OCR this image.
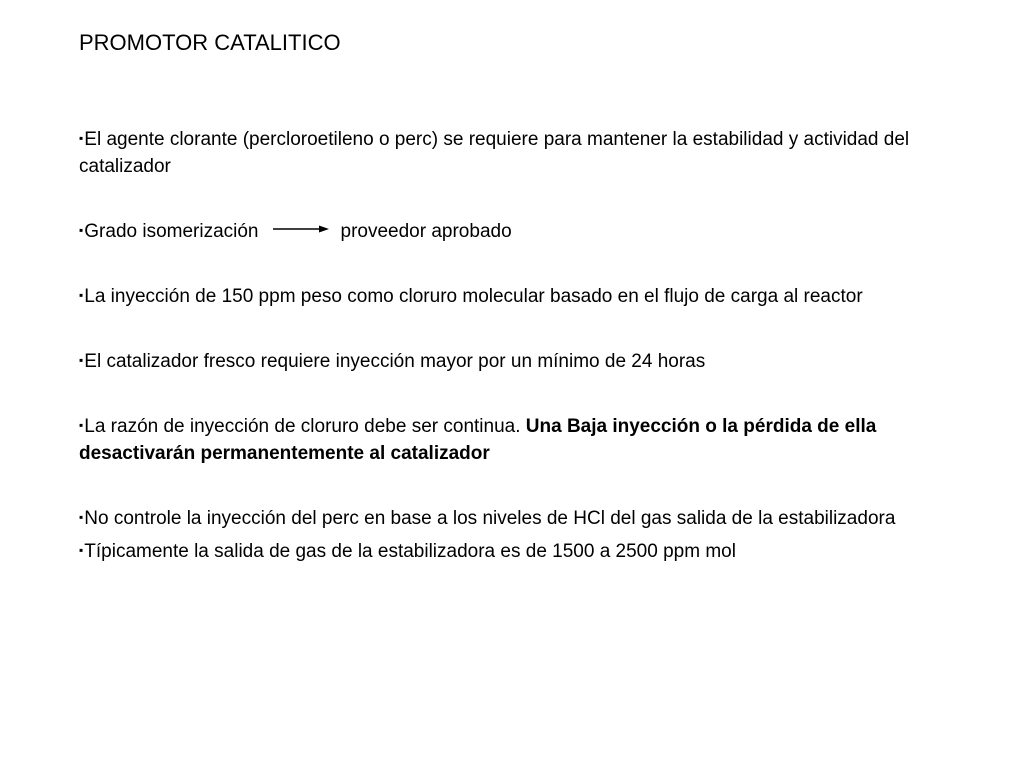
PROMOTOR CATALITICO

▪El agente clorante (percloroetileno o perc) se requiere para mantener la estabilidad y actividad del catalizador

▪Grado isomerización	proveedor aprobado

▪La inyección de 150 ppm peso como cloruro molecular basado en el flujo de carga al reactor

▪El catalizador fresco requiere inyección mayor por un mínimo de 24 horas

▪La razón de inyección de cloruro debe ser continua. Una Baja inyección o la pérdida de ella desactivarán permanentemente al catalizador

▪No controle la inyección del perc en base a los niveles de HCl del gas salida de la estabilizadora

▪Típicamente la salida de gas de la estabilizadora es de 1500 a 2500 ppm mol
